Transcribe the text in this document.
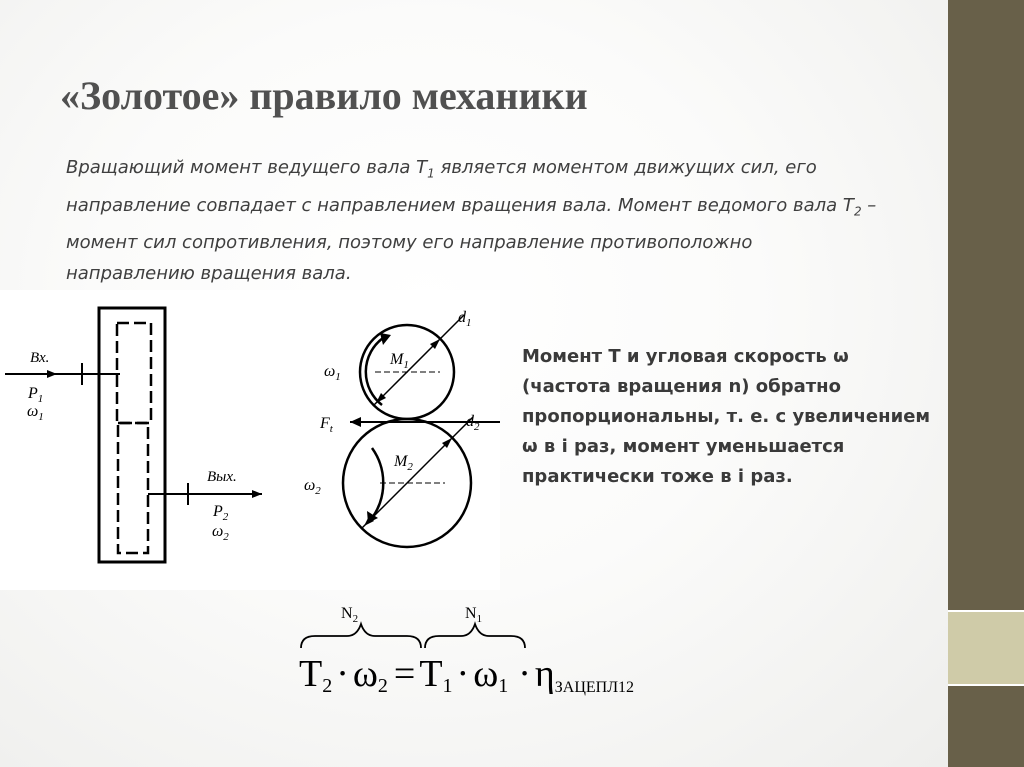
«Золотое» правило механики
Вращающий момент ведущего вала $Т_1$ является моментом движущих сил, его направление совпадает с направлением вращения вала. Момент ведомого вала $Т_2$ – момент сил сопротивления, поэтому его направление противоположно направлению вращения вала.
Вх.
$P_1$
$\omega_1$
Вых.
$P_2$
$\omega_2$
$d_1$
$d_2$
$M_1$
$M_2$
$\omega_1$
$\omega_2$
$F_t$
Момент Т и угловая скорость ω (частота вращения n) обратно пропорциональны, т. е. с увеличением ω в i раз, момент уменьшается практически тоже в i раз.
$N_2$	$N_1$
T2 · ω2 = T1 · ω1 · ηЗАЦЕПЛ12
